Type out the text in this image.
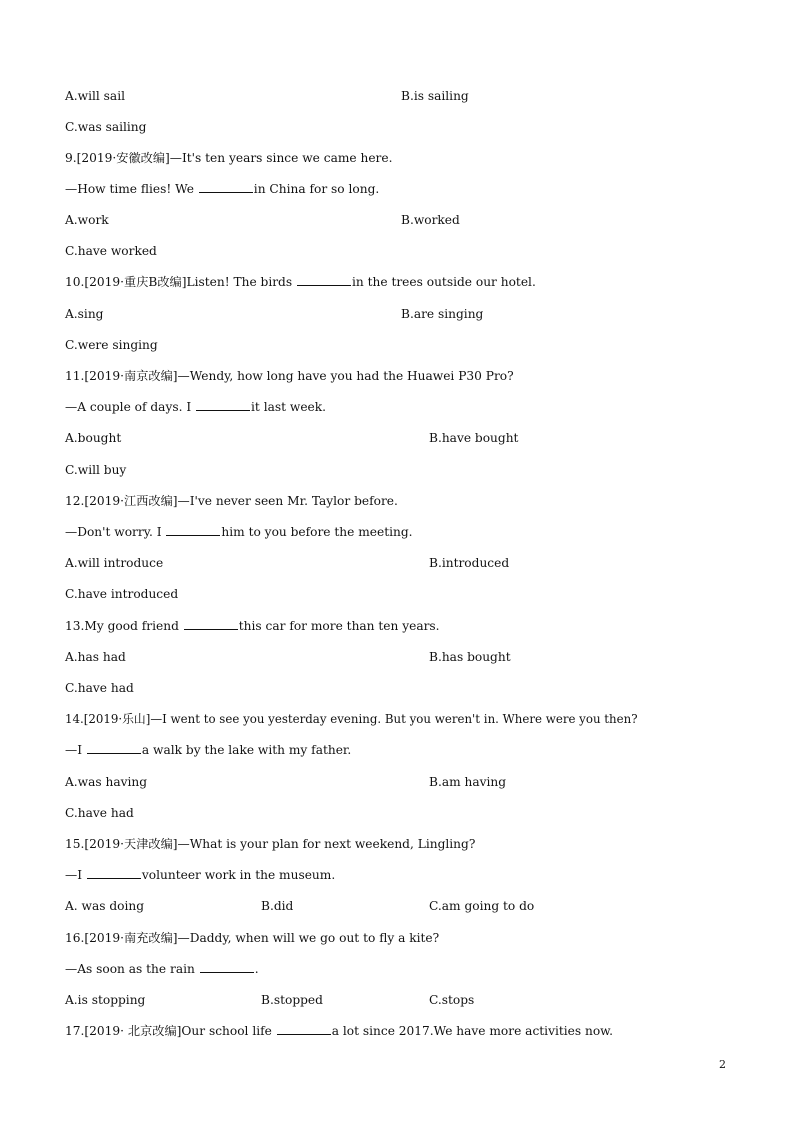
A.will sail	B.is sailing
C.was sailing
9.[2019·安徽改编]—It's ten years since we came here.
—How time flies! We	in China for so long.
A.work	B.worked
C.have worked
10.[2019·重庆B改编]Listen! The birds	in the trees outside our hotel.
A.sing	B.are singing
C.were singing
11.[2019·南京改编]—Wendy, how long have you had the Huawei P30 Pro?
—A couple of days. I	it last week.
A.bought	B.have bought
C.will buy
12.[2019·江西改编]—I've never seen Mr. Taylor before.
—Don't worry. I	him to you before the meeting.
A.will introduce	B.introduced
C.have introduced
13.My good friend	this car for more than ten years.
A.has had	B.has bought
C.have had
14.[2019·乐山]—I went to see you yesterday evening. But you weren't in. Where were you then?
—I	a walk by the lake with my father.
A.was having	B.am having
C.have had
15.[2019·天津改编]—What is your plan for next weekend, Lingling?
—I	volunteer work in the museum.
A. was doing	B.did	C.am going to do
16.[2019·南充改编]—Daddy, when will we go out to fly a kite?
—As soon as the rain	.
A.is stopping	B.stopped	C.stops
17.[2019· 北京改编]Our school life	a lot since 2017.We have more activities now.
2
